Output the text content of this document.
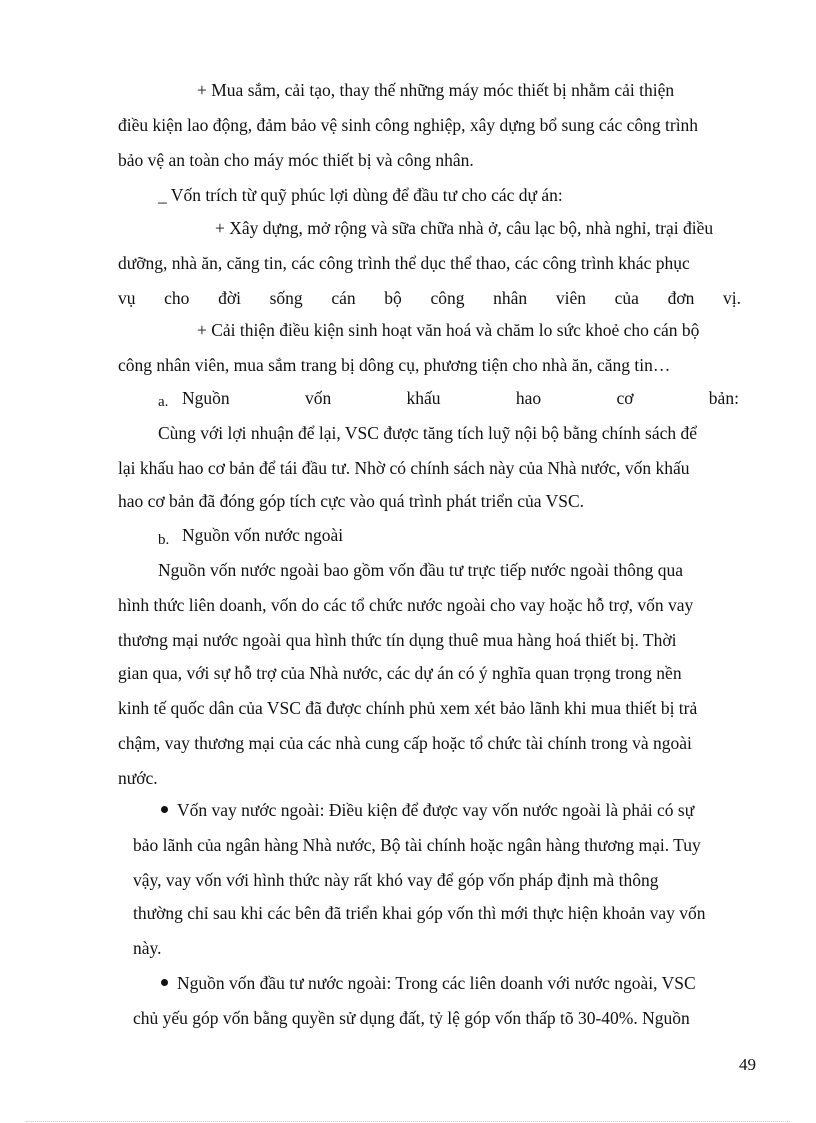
+ Mua sắm, cải tạo, thay thế những máy móc thiết bị nhằm cải thiện

điều kiện lao động, đảm bảo vệ sinh công nghiệp, xây dựng bổ sung các công trình

bảo vệ an toàn cho máy móc thiết bị và công nhân.

_ Vốn trích từ quỹ phúc lợi dùng để đầu tư cho các dự án:

+ Xây dựng, mở rộng và sữa chữa nhà ở, câu lạc bộ, nhà nghỉ, trại điều

dưỡng, nhà ăn, căng tin, các công trình thể dục thể thao, các công trình khác phục

vụ cho đời sống cán bộ công nhân viên của đơn vị.

+ Cải thiện điều kiện sinh hoạt văn hoá và chăm lo sức khoẻ cho cán bộ

công nhân viên, mua sắm trang bị dông cụ, phương tiện cho nhà ăn, căng tin…

a. Nguồn	vốn	khấu	hao	cơ	bản:

Cùng với lợi nhuận để lại, VSC được tăng tích luỹ nội bộ bằng chính sách để

lại khấu hao cơ bản để tái đầu tư. Nhờ có chính sách này của Nhà nước, vốn khấu

hao cơ bản đã đóng góp tích cực vào quá trình phát triển của VSC.

b. Nguồn vốn nước ngoài

Nguồn vốn nước ngoài bao gồm vốn đầu tư trực tiếp nước ngoài thông qua

hình thức liên doanh, vốn do các tổ chức nước ngoài cho vay hoặc hỗ trợ, vốn vay

thương mại nước ngoài qua hình thức tín dụng thuê mua hàng hoá thiết bị. Thời

gian qua, với sự hỗ trợ của Nhà nước, các dự án có ý nghĩa quan trọng trong nền

kinh tế quốc dân của VSC đã được chính phủ xem xét bảo lãnh khi mua thiết bị trả

chậm, vay thương mại của các nhà cung cấp hoặc tổ chức tài chính trong và ngoài

nước.

Vốn vay nước ngoài: Điều kiện để được vay vốn nước ngoài là phải có sự

bảo lãnh của ngân hàng Nhà nước, Bộ tài chính hoặc ngân hàng thương mại. Tuy

vậy, vay vốn với hình thức này rất khó vay để góp vốn pháp định mà thông

thường chỉ sau khi các bên đã triển khai góp vốn thì mới thực hiện khoản vay vốn

này.

Nguồn vốn đầu tư nước ngoài: Trong các liên doanh với nước ngoài, VSC

chủ yếu góp vốn bằng quyền sử dụng đất, tỷ lệ góp vốn thấp tõ 30-40%. Nguồn

49
